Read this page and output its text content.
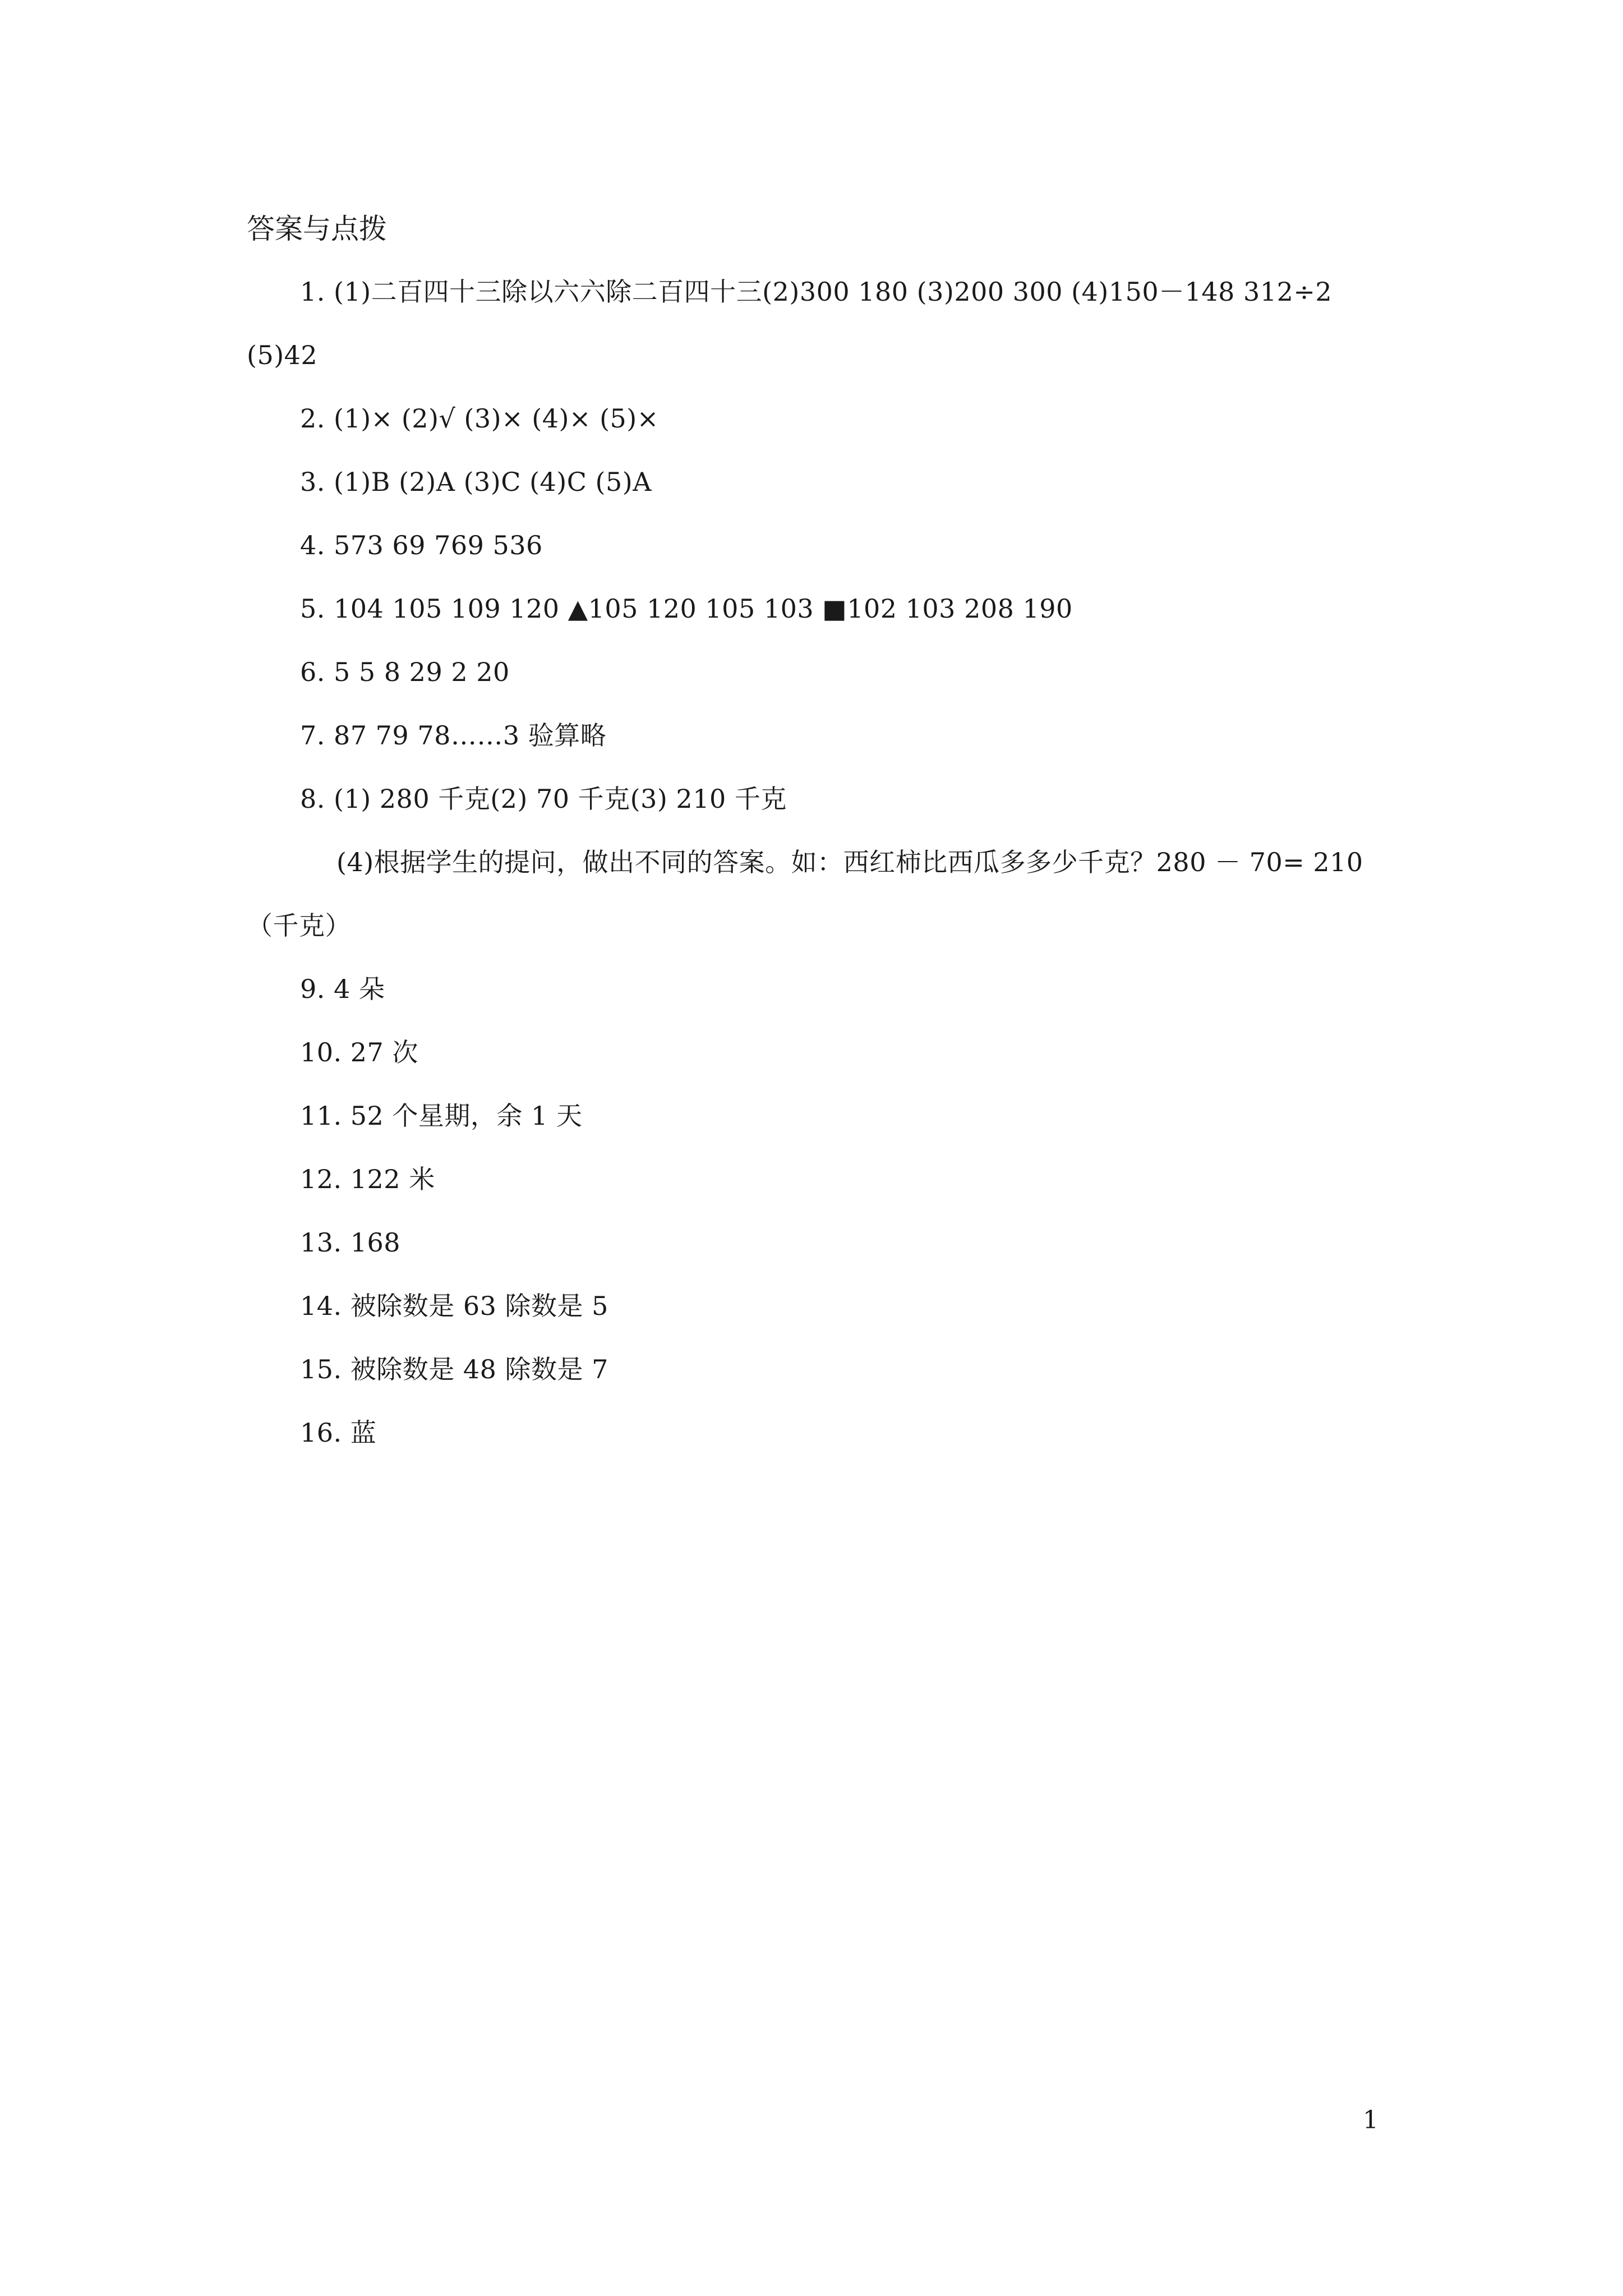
答案与点拨
1. (1)二百四十三除以六六除二百四十三(2)300 180 (3)200 300 (4)150－148 312÷2
(5)42
2. (1)× (2)√ (3)× (4)× (5)×
3. (1)B (2)A (3)C (4)C (5)A
4. 573 69 769 536
5. 104 105 109 120 ▲105 120 105 103 ■102 103 208 190
6. 5 5 8 29 2 20
7. 87 79 78……3 验算略
8. (1) 280 千克(2) 70 千克(3) 210 千克
(4)根据学生的提问，做出不同的答案。如：西红柿比西瓜多多少千克？280 － 70= 210
（千克）
9. 4 朵
10. 27 次
11. 52 个星期，余 1 天
12. 122 米
13. 168
14. 被除数是 63 除数是 5
15. 被除数是 48 除数是 7
16. 蓝
1
